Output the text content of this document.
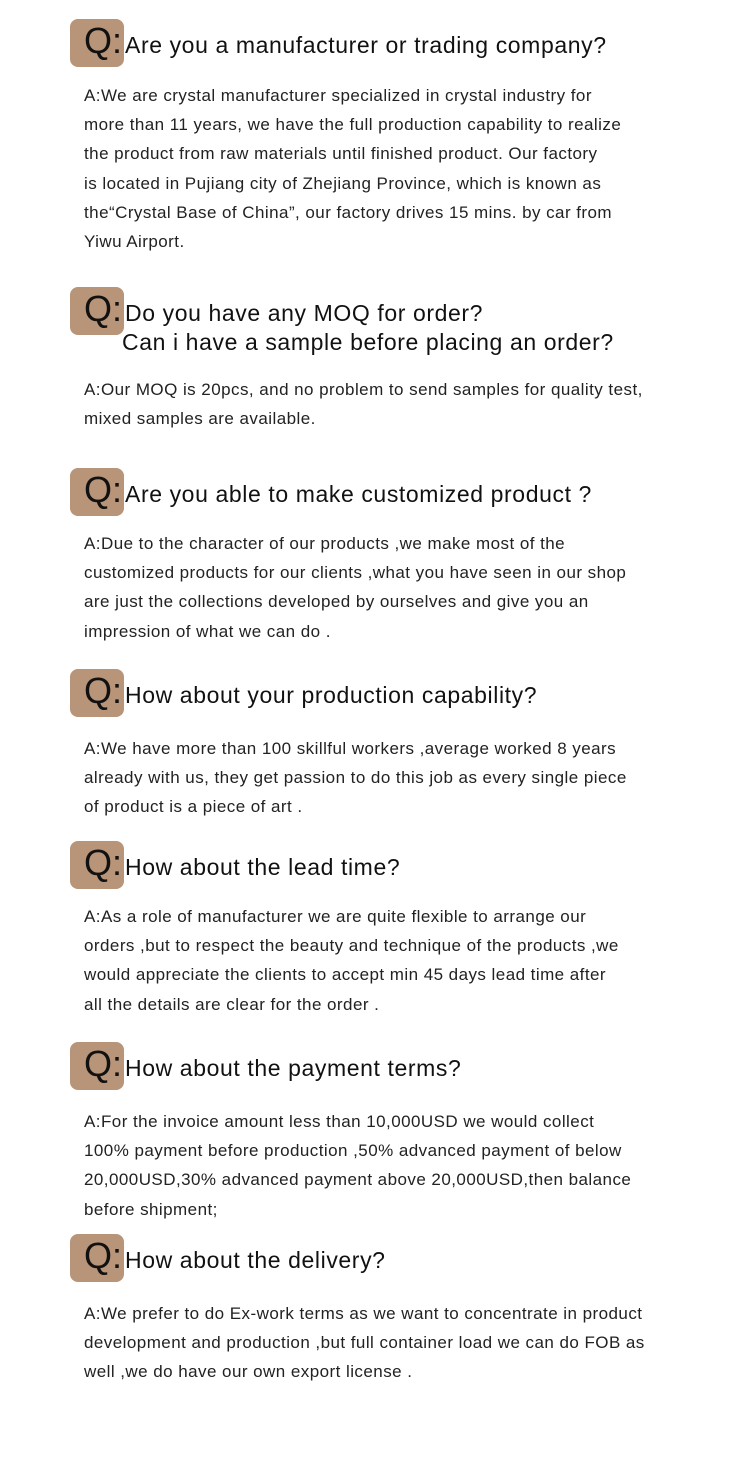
Q: Are you a manufacturer or trading company?

A:We are crystal manufacturer specialized in crystal industry for
more than 11 years, we have the full production capability to realize
the product from raw materials until finished product. Our factory
is located in Pujiang city of Zhejiang Province, which is known as
the“Crystal Base of China”, our factory drives 15 mins. by car from
Yiwu Airport.

Q: Do you have any MOQ for order?
Can i have a sample before placing an order?

A:Our MOQ is 20pcs, and no problem to send samples for quality test,
mixed samples are available.

Q: Are you able to make customized product ?

A:Due to the character of our products ,we make most of the
customized products for our clients ,what you have seen in our shop
are just the collections developed by ourselves and give you an
impression of what we can do .

Q: How about your production capability?

A:We have more than 100 skillful workers ,average worked 8 years
already with us, they get passion to do this job as every single piece
of product is a piece of art .

Q: How about the lead time?

A:As a role of manufacturer we are quite flexible to arrange our
orders ,but to respect the beauty and technique of the products ,we
would appreciate the clients to accept min 45 days lead time after
all the details are clear for the order .

Q: How about the payment terms?

A:For the invoice amount less than 10,000USD we would collect
100% payment before production ,50% advanced payment of below
20,000USD,30% advanced payment above 20,000USD,then balance
before shipment;

Q: How about the delivery?

A:We prefer to do Ex-work terms as we want to concentrate in product
development and production ,but full container load we can do FOB as
well ,we do have our own export license .
